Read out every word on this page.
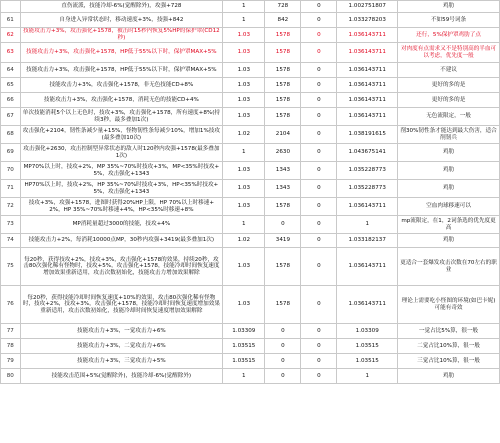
	直伤流派，技能冷却-6%(觉醒除外)，攻强+728	1	728	0	1.002751807	鸡肋
61	自身进入异常状态时，移动速度+3%，技强+842	1	842	0	1.033278203	不如59号词条
62	技能攻击力+3%，攻击强化+1578，被击时15秒内恢复5%HP的保护罩(CD12秒)	1.03	1578	0	1.036143711	还行，5%保护罩鸡肋了点
63	技能攻击力+3%，攻击强化+1578，HP低于55%以下时，保护罩MAX+5%	1.03	1578	0	1.036143711	对肉度有点需求又不是特别高的半血可以考虑，优先度一般
64	技能攻击力+3%，攻击强化+1578，HP低于55%以下时，保护罩MAX+5%	1.03	1578	0	1.036143711	不建议
65	技能攻击力+3%，攻击强化+1578，非无色技能CD+8%	1.03	1578	0	1.036143711	更好的多的是
66	技能攻击力+3%，攻击强化+1578，消耗无色的技能CD+4%	1.03	1578	0	1.036143711	更好的多的是
67	单次技能消耗5个以上无色时，技攻+3%，攻击强化+1578，所有速度+8%(持续3秒，最多叠加1次)	1.03	1578	0	1.036143711	无色流限定，一般
68	攻击强化+2104，韧性条减少量+15%，怪物韧性条每减少10%，增加1%技攻(最多叠加10次)	1.02	2104	0	1.038191615	削30%韧性条才能达到最大伤害，适合削韧兵
69	攻击强化+2630，攻击控制型异常状态的敌人时120秒内攻强+1578(最多叠加1次)	1	2630	0	1.043675141	鸡肋
70	MP70%以上时，技攻+2%，MP 35%~70%时技攻+3%，MP<35%时技攻+5%，攻击强化+1343	1.03	1343	0	1.035228773	鸡肋
71	HP70%以上时，技攻+2%，HP 35%~70%时技攻+3%，HP<35%时技攻+5%，攻击强化+1343	1.03	1343	0	1.035228773	鸡肋
72	技攻+3%，攻强+1578，进图时获得20%HP上限，HP 70%以上时移速+2%，HP 35%~70%时移速+4%，HP<35%时移速+8%	1.03	1578	0	1.036143711	空血肉球移速可以
73	MP消耗量超过3000的技能，技攻+4%	1	0	0	1	mp流限定，在1，2词条选的优先度更高
74	技能攻击力+2%，每消耗10000点MP，30秒内攻强+3419(最多叠加1次)	1.02	3419	0	1.033182137	鸡肋
75	每20秒，获得技攻+2%，技攻+3%，攻击强化+1578的效果，持续20秒，攻击80次强化稀有怪物时，技攻+5%，攻击强化+1578，技能冷却时间恢复速度增加效果重新适用，攻击次数初始化，技能攻击力增加效果解除	1.03	1578	0	1.036143711	更适合一套爆发攻击次数在70左右的职业
76	每20秒，获得技能冷却时间恢复速度+10%的效果，攻击80次强化稀有怪物时，技攻+2%，技攻+3%，攻击强化+1578，技能冷却时间恢复速度增加效果重新适用，攻击次数初始化，技能冷却时间恢复速度增加效果解除	1.03	1578	0	1.036143711	理论上需要吃小怪图的环境(如巴卡妮)可能有奇效
77	技能攻击力+3%，一觉攻击力+6%	1.03309	0	0	1.03309	一觉占比5%算，很一般
78	技能攻击力+3%，二觉攻击力+6%	1.03515	0	0	1.03515	二觉占比10%算，很一般
79	技能攻击力+3%，三觉攻击力+5%	1.03515	0	0	1.03515	三觉占比10%算，很一般
80	技能攻击范围+5%(觉醒除外)，技能冷却-6%(觉醒除外)	1	0	0	1	鸡肋
